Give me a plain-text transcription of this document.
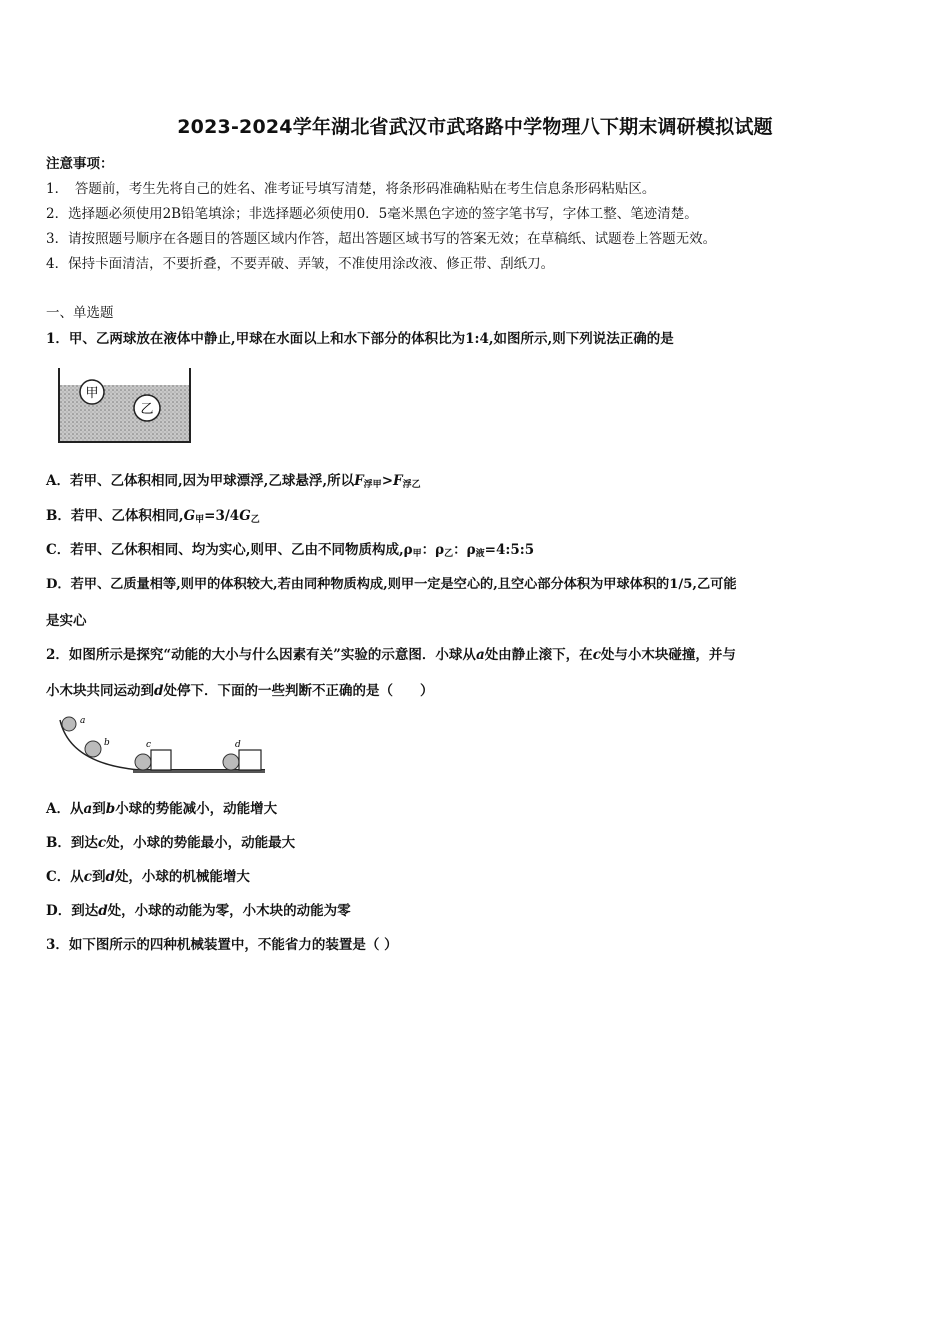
2023-2024学年湖北省武汉市武珞路中学物理八下期末调研模拟试题
注意事项：
1．　答题前，考生先将自己的姓名、准考证号填写清楚，将条形码准确粘贴在考生信息条形码粘贴区。
2．选择题必须使用2B铅笔填涂；非选择题必须使用0．5毫米黑色字迹的签字笔书写，字体工整、笔迹清楚。
3．请按照题号顺序在各题目的答题区域内作答，超出答题区域书写的答案无效；在草稿纸、试题卷上答题无效。
4．保持卡面清洁，不要折叠，不要弄破、弄皱，不准使用涂改液、修正带、刮纸刀。
一、单选题
1．甲、乙两球放在液体中静止,甲球在水面以上和水下部分的体积比为1:4,如图所示,则下列说法正确的是
甲
乙
A．若甲、乙体积相同,因为甲球漂浮,乙球悬浮,所以$F_{浮甲}>F_{浮乙}$
B．若甲、乙体积相同$,G_甲=3/4G_乙$
C．若甲、乙休积相同、均为实心,则甲、乙由不同物质构成$,\rho_甲$：$\rho_乙$：$\rho_液=4:5:5$
D．若甲、乙质量相等,则甲的体积较大,若由同种物质构成,则甲一定是空心的,且空心部分体积为甲球体积的1/5,乙可能
是实心
2．如图所示是探究“动能的大小与什么因素有关”实验的示意图．小球从a处由静止滚下，在c处与小木块碰撞，并与
小木块共同运动到d处停下．下面的一些判断不正确的是（　　）
a
b	c	d
A．从a到b小球的势能减小，动能增大
B．到达c处，小球的势能最小，动能最大
C．从c到d处，小球的机械能增大
D．到达d处，小球的动能为零，小木块的动能为零
3．如下图所示的四种机械装置中，不能省力的装置是（ ）
